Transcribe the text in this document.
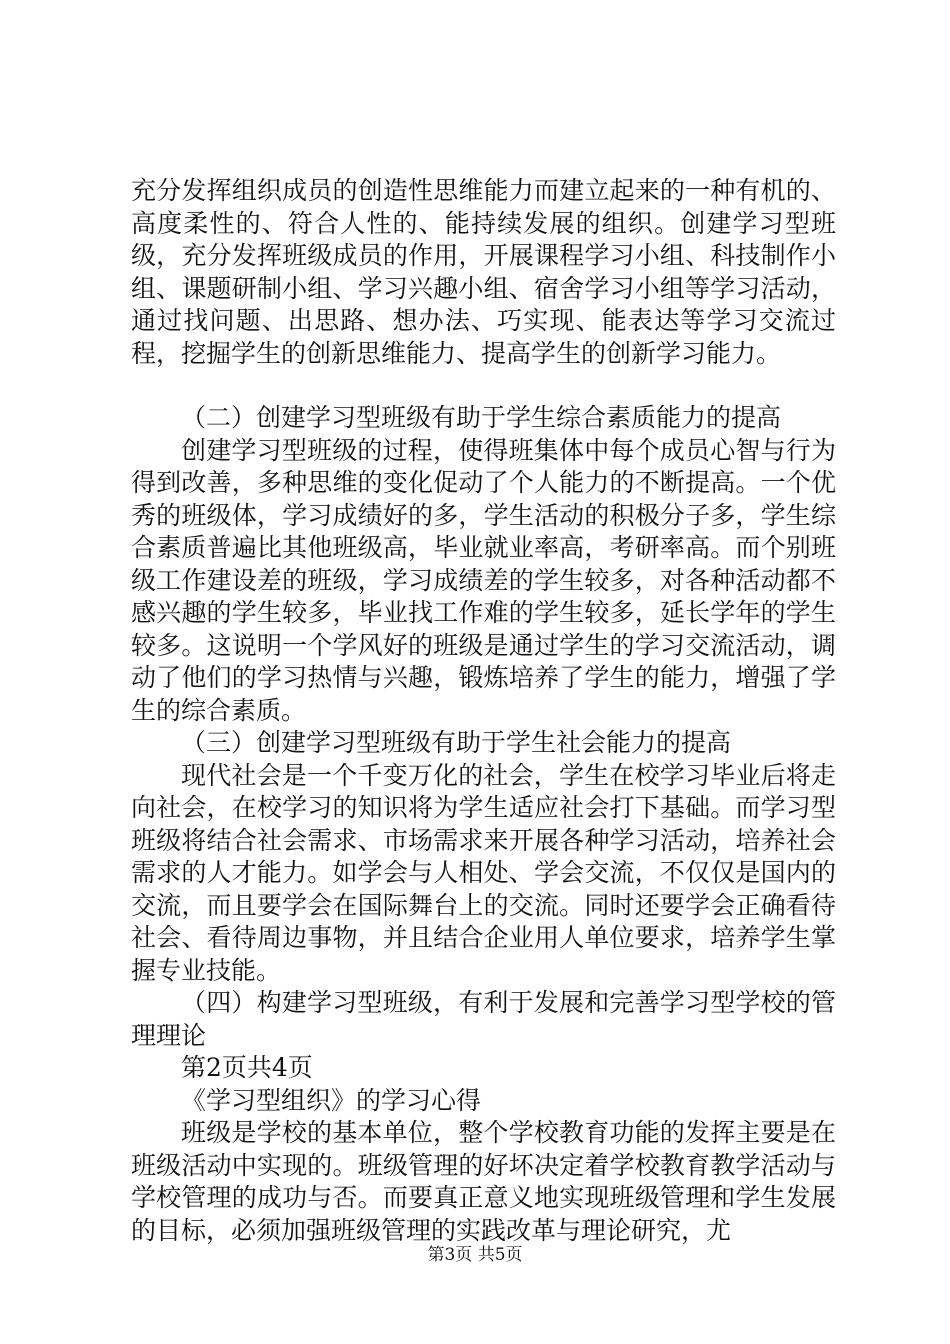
充分发挥组织成员的创造性思维能力而建立起来的一种有机的、高度柔性的、符合人性的、能持续发展的组织。创建学习型班级，充分发挥班级成员的作用，开展课程学习小组、科技制作小组、课题研制小组、学习兴趣小组、宿舍学习小组等学习活动，通过找问题、出思路、想办法、巧实现、能表达等学习交流过程，挖掘学生的创新思维能力、提高学生的创新学习能力。

（二）创建学习型班级有助于学生综合素质能力的提高

创建学习型班级的过程，使得班集体中每个成员心智与行为得到改善，多种思维的变化促动了个人能力的不断提高。一个优秀的班级体，学习成绩好的多，学生活动的积极分子多，学生综合素质普遍比其他班级高，毕业就业率高，考研率高。而个别班级工作建设差的班级，学习成绩差的学生较多，对各种活动都不感兴趣的学生较多，毕业找工作难的学生较多，延长学年的学生较多。这说明一个学风好的班级是通过学生的学习交流活动，调动了他们的学习热情与兴趣，锻炼培养了学生的能力，增强了学生的综合素质。

（三）创建学习型班级有助于学生社会能力的提高

现代社会是一个千变万化的社会，学生在校学习毕业后将走向社会，在校学习的知识将为学生适应社会打下基础。而学习型班级将结合社会需求、市场需求来开展各种学习活动，培养社会需求的人才能力。如学会与人相处、学会交流，不仅仅是国内的交流，而且要学会在国际舞台上的交流。同时还要学会正确看待社会、看待周边事物，并且结合企业用人单位要求，培养学生掌握专业技能。

（四）构建学习型班级，有利于发展和完善学习型学校的管理理论

第2页共4页

《学习型组织》的学习心得

班级是学校的基本单位，整个学校教育功能的发挥主要是在班级活动中实现的。班级管理的好坏决定着学校教育教学活动与学校管理的成功与否。而要真正意义地实现班级管理和学生发展的目标，必须加强班级管理的实践改革与理论研究，尤

第3页 共5页
